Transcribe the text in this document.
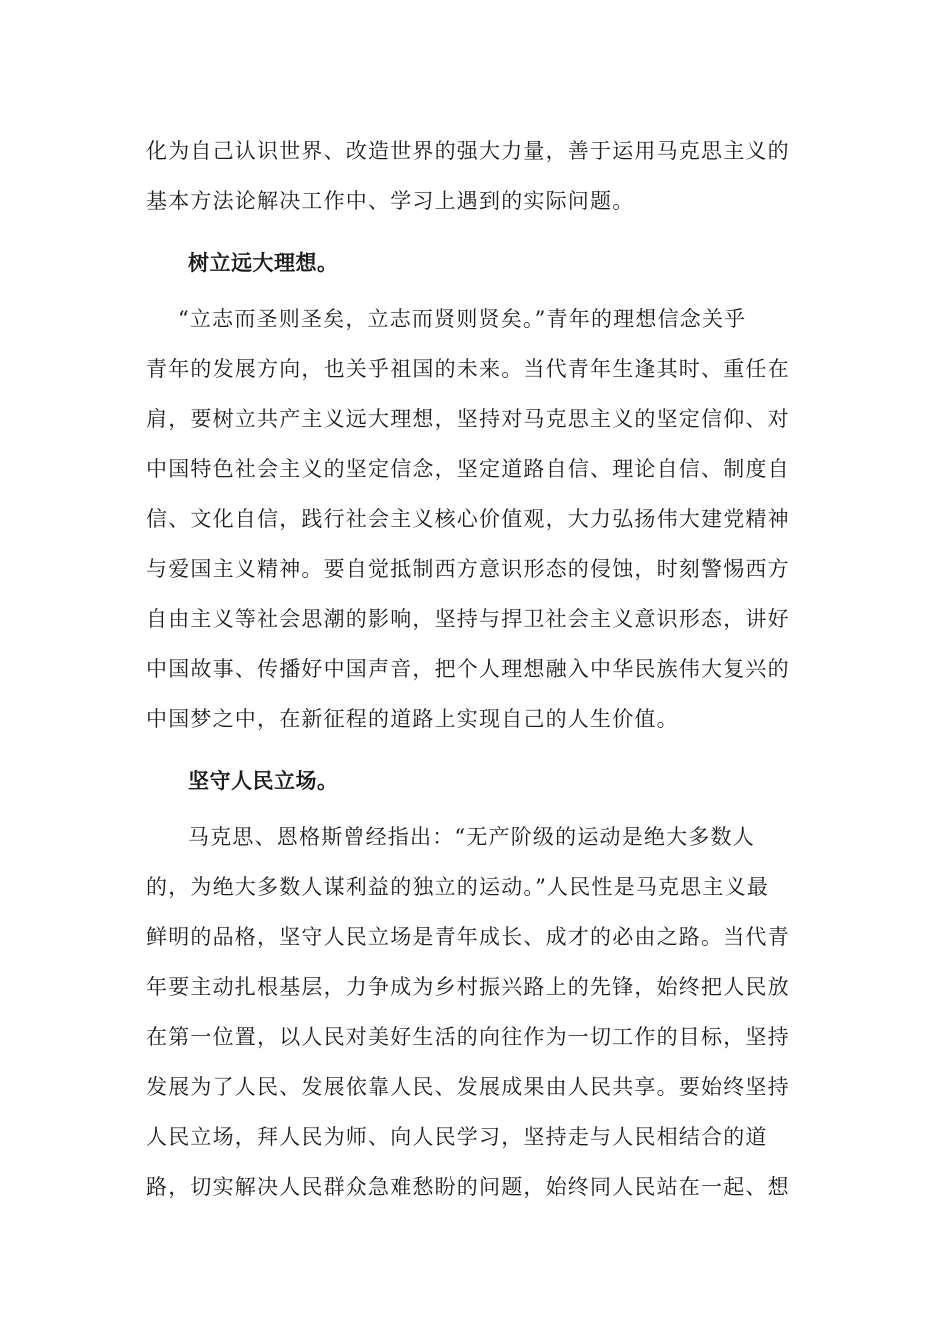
化为自己认识世界、改造世界的强大力量，善于运用马克思主义的
基本方法论解决工作中、学习上遇到的实际问题。
树立远大理想。
“立志而圣则圣矣，立志而贤则贤矣。”青年的理想信念关乎
青年的发展方向，也关乎祖国的未来。当代青年生逢其时、重任在
肩，要树立共产主义远大理想，坚持对马克思主义的坚定信仰、对
中国特色社会主义的坚定信念，坚定道路自信、理论自信、制度自
信、文化自信，践行社会主义核心价值观，大力弘扬伟大建党精神
与爱国主义精神。要自觉抵制西方意识形态的侵蚀，时刻警惕西方
自由主义等社会思潮的影响，坚持与捍卫社会主义意识形态，讲好
中国故事、传播好中国声音，把个人理想融入中华民族伟大复兴的
中国梦之中，在新征程的道路上实现自己的人生价值。
坚守人民立场。
马克思、恩格斯曾经指出：“无产阶级的运动是绝大多数人
的，为绝大多数人谋利益的独立的运动。”人民性是马克思主义最
鲜明的品格，坚守人民立场是青年成长、成才的必由之路。当代青
年要主动扎根基层，力争成为乡村振兴路上的先锋，始终把人民放
在第一位置，以人民对美好生活的向往作为一切工作的目标，坚持
发展为了人民、发展依靠人民、发展成果由人民共享。要始终坚持
人民立场，拜人民为师、向人民学习，坚持走与人民相结合的道
路，切实解决人民群众急难愁盼的问题，始终同人民站在一起、想
